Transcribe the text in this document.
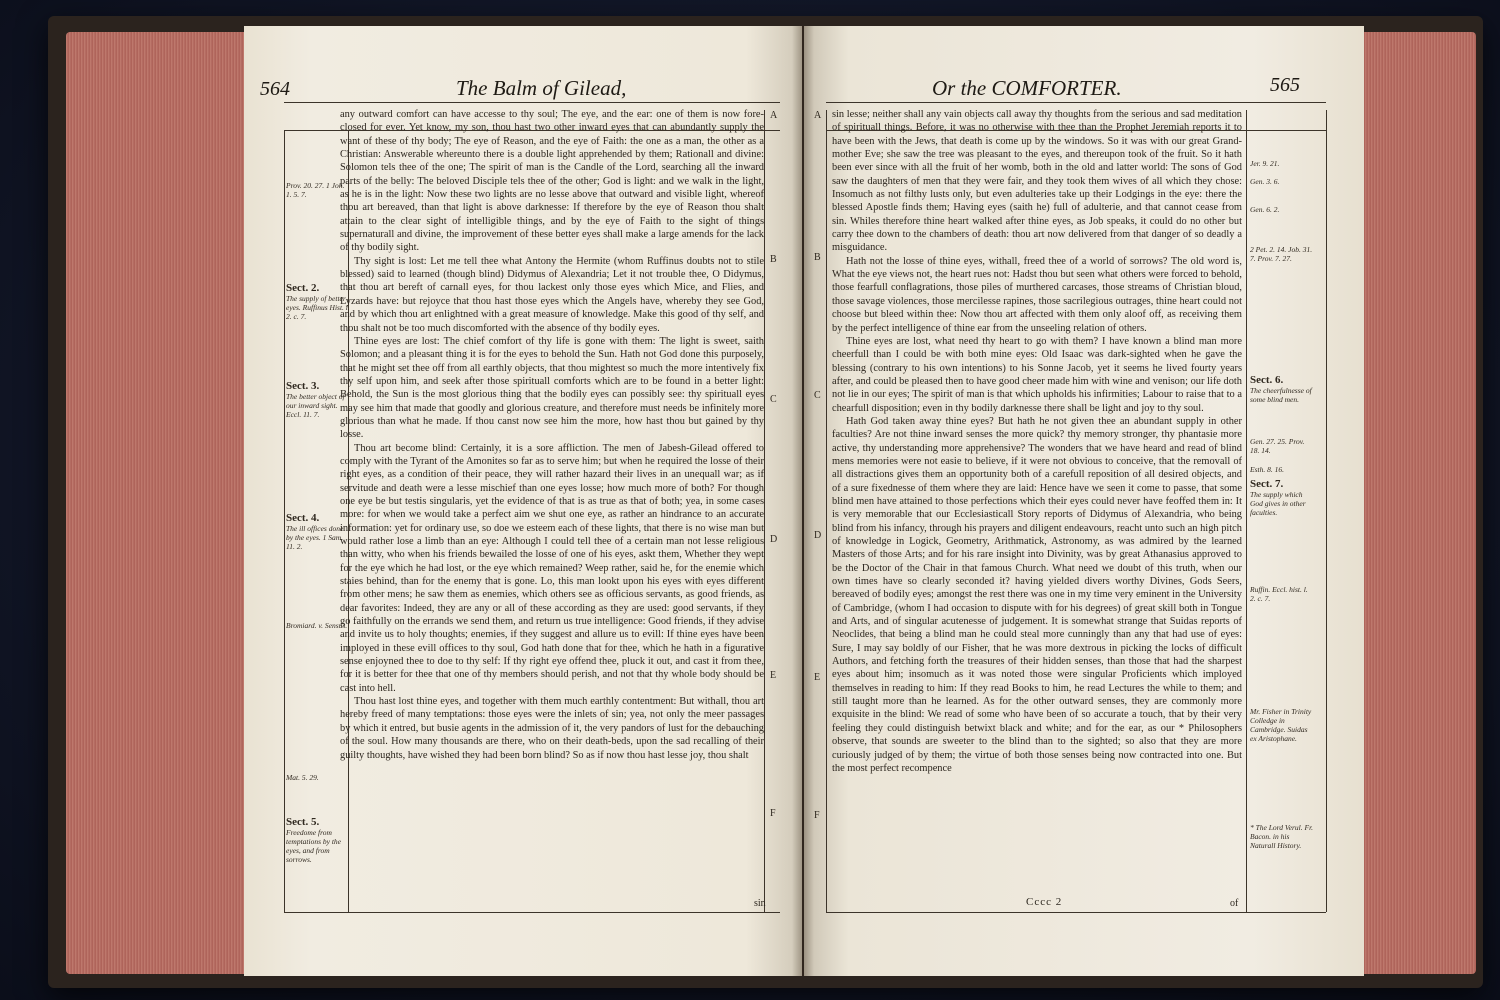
564	The Balm of Gilead,
Prov. 20. 27. 1 Joh. 1. 5. 7.
Sect. 2.
The supply of better eyes. Ruffinus Hist. l. 2. c. 7.
Sect. 3.
The better object of our inward sight. Eccl. 11. 7.
Sect. 4.
The ill offices done by the eyes. 1 Sam. 11. 2.
Bromiard. v. Sensus.
Mat. 5. 29.
Sect. 5.
Freedome from temptations by the eyes, and from sorrows.

any outward comfort can have accesse to thy soul; The eye, and the ear: one of them is now fore-closed for ever. Yet know, my son, thou hast two other inward eyes that can abundantly supply the want of these of thy body; The eye of Reason, and the eye of Faith: the one as a man, the other as a Christian: Answerable whereunto there is a double light apprehended by them; Rationall and divine: Solomon tels thee of the one; The spirit of man is the Candle of the Lord, searching all the inward parts of the belly: The beloved Disciple tels thee of the other; God is light: and we walk in the light, as he is in the light: Now these two lights are no lesse above that outward and visible light, whereof thou art bereaved, than that light is above darknesse: If therefore by the eye of Reason thou shalt attain to the clear sight of intelligible things, and by the eye of Faith to the sight of things supernaturall and divine, the improvement of these better eyes shall make a large amends for the lack of thy bodily sight.

Thy sight is lost: Let me tell thee what Antony the Hermite (whom Ruffinus doubts not to stile blessed) said to learned (though blind) Didymus of Alexandria; Let it not trouble thee, O Didymus, that thou art bereft of carnall eyes, for thou lackest only those eyes which Mice, and Flies, and Lyzards have: but rejoyce that thou hast those eyes which the Angels have, whereby they see God, and by which thou art enlightned with a great measure of knowledge. Make this good of thy self, and thou shalt not be too much discomforted with the absence of thy bodily eyes.

Thine eyes are lost: The chief comfort of thy life is gone with them: The light is sweet, saith Solomon; and a pleasant thing it is for the eyes to behold the Sun. Hath not God done this purposely, that he might set thee off from all earthly objects, that thou mightest so much the more intentively fix thy self upon him, and seek after those spirituall comforts which are to be found in a better light: Behold, the Sun is the most glorious thing that the bodily eyes can possibly see: thy spirituall eyes may see him that made that goodly and glorious creature, and therefore must needs be infinitely more glorious than what he made. If thou canst now see him the more, how hast thou but gained by thy losse.

Thou art become blind: Certainly, it is a sore affliction. The men of Jabesh-Gilead offered to comply with the Tyrant of the Amonites so far as to serve him; but when he required the losse of their right eyes, as a condition of their peace, they will rather hazard their lives in an unequall war; as if servitude and death were a lesse mischief than one eyes losse; how much more of both? For though one eye be but testis singularis, yet the evidence of that is as true as that of both; yea, in some cases more: for when we would take a perfect aim we shut one eye, as rather an hindrance to an accurate information: yet for ordinary use, so doe we esteem each of these lights, that there is no wise man but would rather lose a limb than an eye: Although I could tell thee of a certain man not lesse religious than witty, who when his friends bewailed the losse of one of his eyes, askt them, Whether they wept for the eye which he had lost, or the eye which remained? Weep rather, said he, for the enemie which staies behind, than for the enemy that is gone. Lo, this man lookt upon his eyes with eyes different from other mens; he saw them as enemies, which others see as officious servants, as good friends, as dear favorites: Indeed, they are any or all of these according as they are used: good servants, if they go faithfully on the errands we send them, and return us true intelligence: Good friends, if they advise and invite us to holy thoughts; enemies, if they suggest and allure us to evill: If thine eyes have been imployed in these evill offices to thy soul, God hath done that for thee, which he hath in a figurative sense enjoyned thee to doe to thy self: If thy right eye offend thee, pluck it out, and cast it from thee, for it is better for thee that one of thy members should perish, and not that thy whole body should be cast into hell.

Thou hast lost thine eyes, and together with them much earthly contentment: But withall, thou art hereby freed of many temptations: those eyes were the inlets of sin; yea, not only the meer passages by which it entred, but busie agents in the admission of it, the very pandors of lust for the debauching of the soul. How many thousands are there, who on their death-beds, upon the sad recalling of their guilty thoughts, have wished they had been born blind? So as if now thou hast lesse joy, thou shalt

sin
A
B
C
D
E
F
Or the COMFORTER.	565
A
B
C
D
E
F

sin lesse; neither shall any vain objects call away thy thoughts from the serious and sad meditation of spirituall things. Before, it was no otherwise with thee than the Prophet Jeremiah reports it to have been with the Jews, that death is come up by the windows. So it was with our great Grand-mother Eve; she saw the tree was pleasant to the eyes, and thereupon took of the fruit. So it hath been ever since with all the fruit of her womb, both in the old and latter world: The sons of God saw the daughters of men that they were fair, and they took them wives of all which they chose: Insomuch as not filthy lusts only, but even adulteries take up their Lodgings in the eye: there the blessed Apostle finds them; Having eyes (saith he) full of adulterie, and that cannot cease from sin. Whiles therefore thine heart walked after thine eyes, as Job speaks, it could do no other but carry thee down to the chambers of death: thou art now delivered from that danger of so deadly a misguidance.

Hath not the losse of thine eyes, withall, freed thee of a world of sorrows? The old word is, What the eye views not, the heart rues not: Hadst thou but seen what others were forced to behold, those fearfull conflagrations, those piles of murthered carcases, those streams of Christian bloud, those savage violences, those mercilesse rapines, those sacrilegious outrages, thine heart could not choose but bleed within thee: Now thou art affected with them only aloof off, as receiving them by the perfect intelligence of thine ear from the unseeling relation of others.

Thine eyes are lost, what need thy heart to go with them? I have known a blind man more cheerfull than I could be with both mine eyes: Old Isaac was dark-sighted when he gave the blessing (contrary to his own intentions) to his Sonne Jacob, yet it seems he lived fourty years after, and could be pleased then to have good cheer made him with wine and venison; our life doth not lie in our eyes; The spirit of man is that which upholds his infirmities; Labour to raise that to a chearfull disposition; even in thy bodily darknesse there shall be light and joy to thy soul.

Hath God taken away thine eyes? But hath he not given thee an abundant supply in other faculties? Are not thine inward senses the more quick? thy memory stronger, thy phantasie more active, thy understanding more apprehensive? The wonders that we have heard and read of blind mens memories were not easie to believe, if it were not obvious to conceive, that the removall of all distractions gives them an opportunity both of a carefull reposition of all desired objects, and of a sure fixednesse of them where they are laid: Hence have we seen it come to passe, that some blind men have attained to those perfections which their eyes could never have feoffed them in: It is very memorable that our Ecclesiasticall Story reports of Didymus of Alexandria, who being blind from his infancy, through his prayers and diligent endeavours, reacht unto such an high pitch of knowledge in Logick, Geometry, Arithmatick, Astronomy, as was admired by the learned Masters of those Arts; and for his rare insight into Divinity, was by great Athanasius approved to be the Doctor of the Chair in that famous Church. What need we doubt of this truth, when our own times have so clearly seconded it? having yielded divers worthy Divines, Gods Seers, bereaved of bodily eyes; amongst the rest there was one in my time very eminent in the University of Cambridge, (whom I had occasion to dispute with for his degrees) of great skill both in Tongue and Arts, and of singular acutenesse of judgement. It is somewhat strange that Suidas reports of Neoclides, that being a blind man he could steal more cunningly than any that had use of eyes: Sure, I may say boldly of our Fisher, that he was more dextrous in picking the locks of difficult Authors, and fetching forth the treasures of their hidden senses, than those that had the sharpest eyes about him; insomuch as it was noted those were singular Proficients which imployed themselves in reading to him: If they read Books to him, he read Lectures the while to them; and still taught more than he learned. As for the other outward senses, they are commonly more exquisite in the blind: We read of some who have been of so accurate a touch, that by their very feeling they could distinguish betwixt black and white; and for the ear, as our * Philosophers observe, that sounds are sweeter to the blind than to the sighted; so also that they are more curiously judged of by them; the virtue of both those senses being now contracted into one. But the most perfect recompence

Cccc 2	of
Jer. 9. 21.
Gen. 3. 6.
Gen. 6. 2.
2 Pet. 2. 14. Job. 31. 7. Prov. 7. 27.
Sect. 6.
The cheerfulnesse of some blind men.
Gen. 27. 25. Prov. 18. 14.
Esth. 8. 16.
Sect. 7.
The supply which God gives in other faculties.
Ruffin. Eccl. hist. l. 2. c. 7.
Mr. Fisher in Trinity Colledge in Cambridge. Suidas ex Aristophane.
* The Lord Verul. Fr. Bacon. in his Naturall History.
